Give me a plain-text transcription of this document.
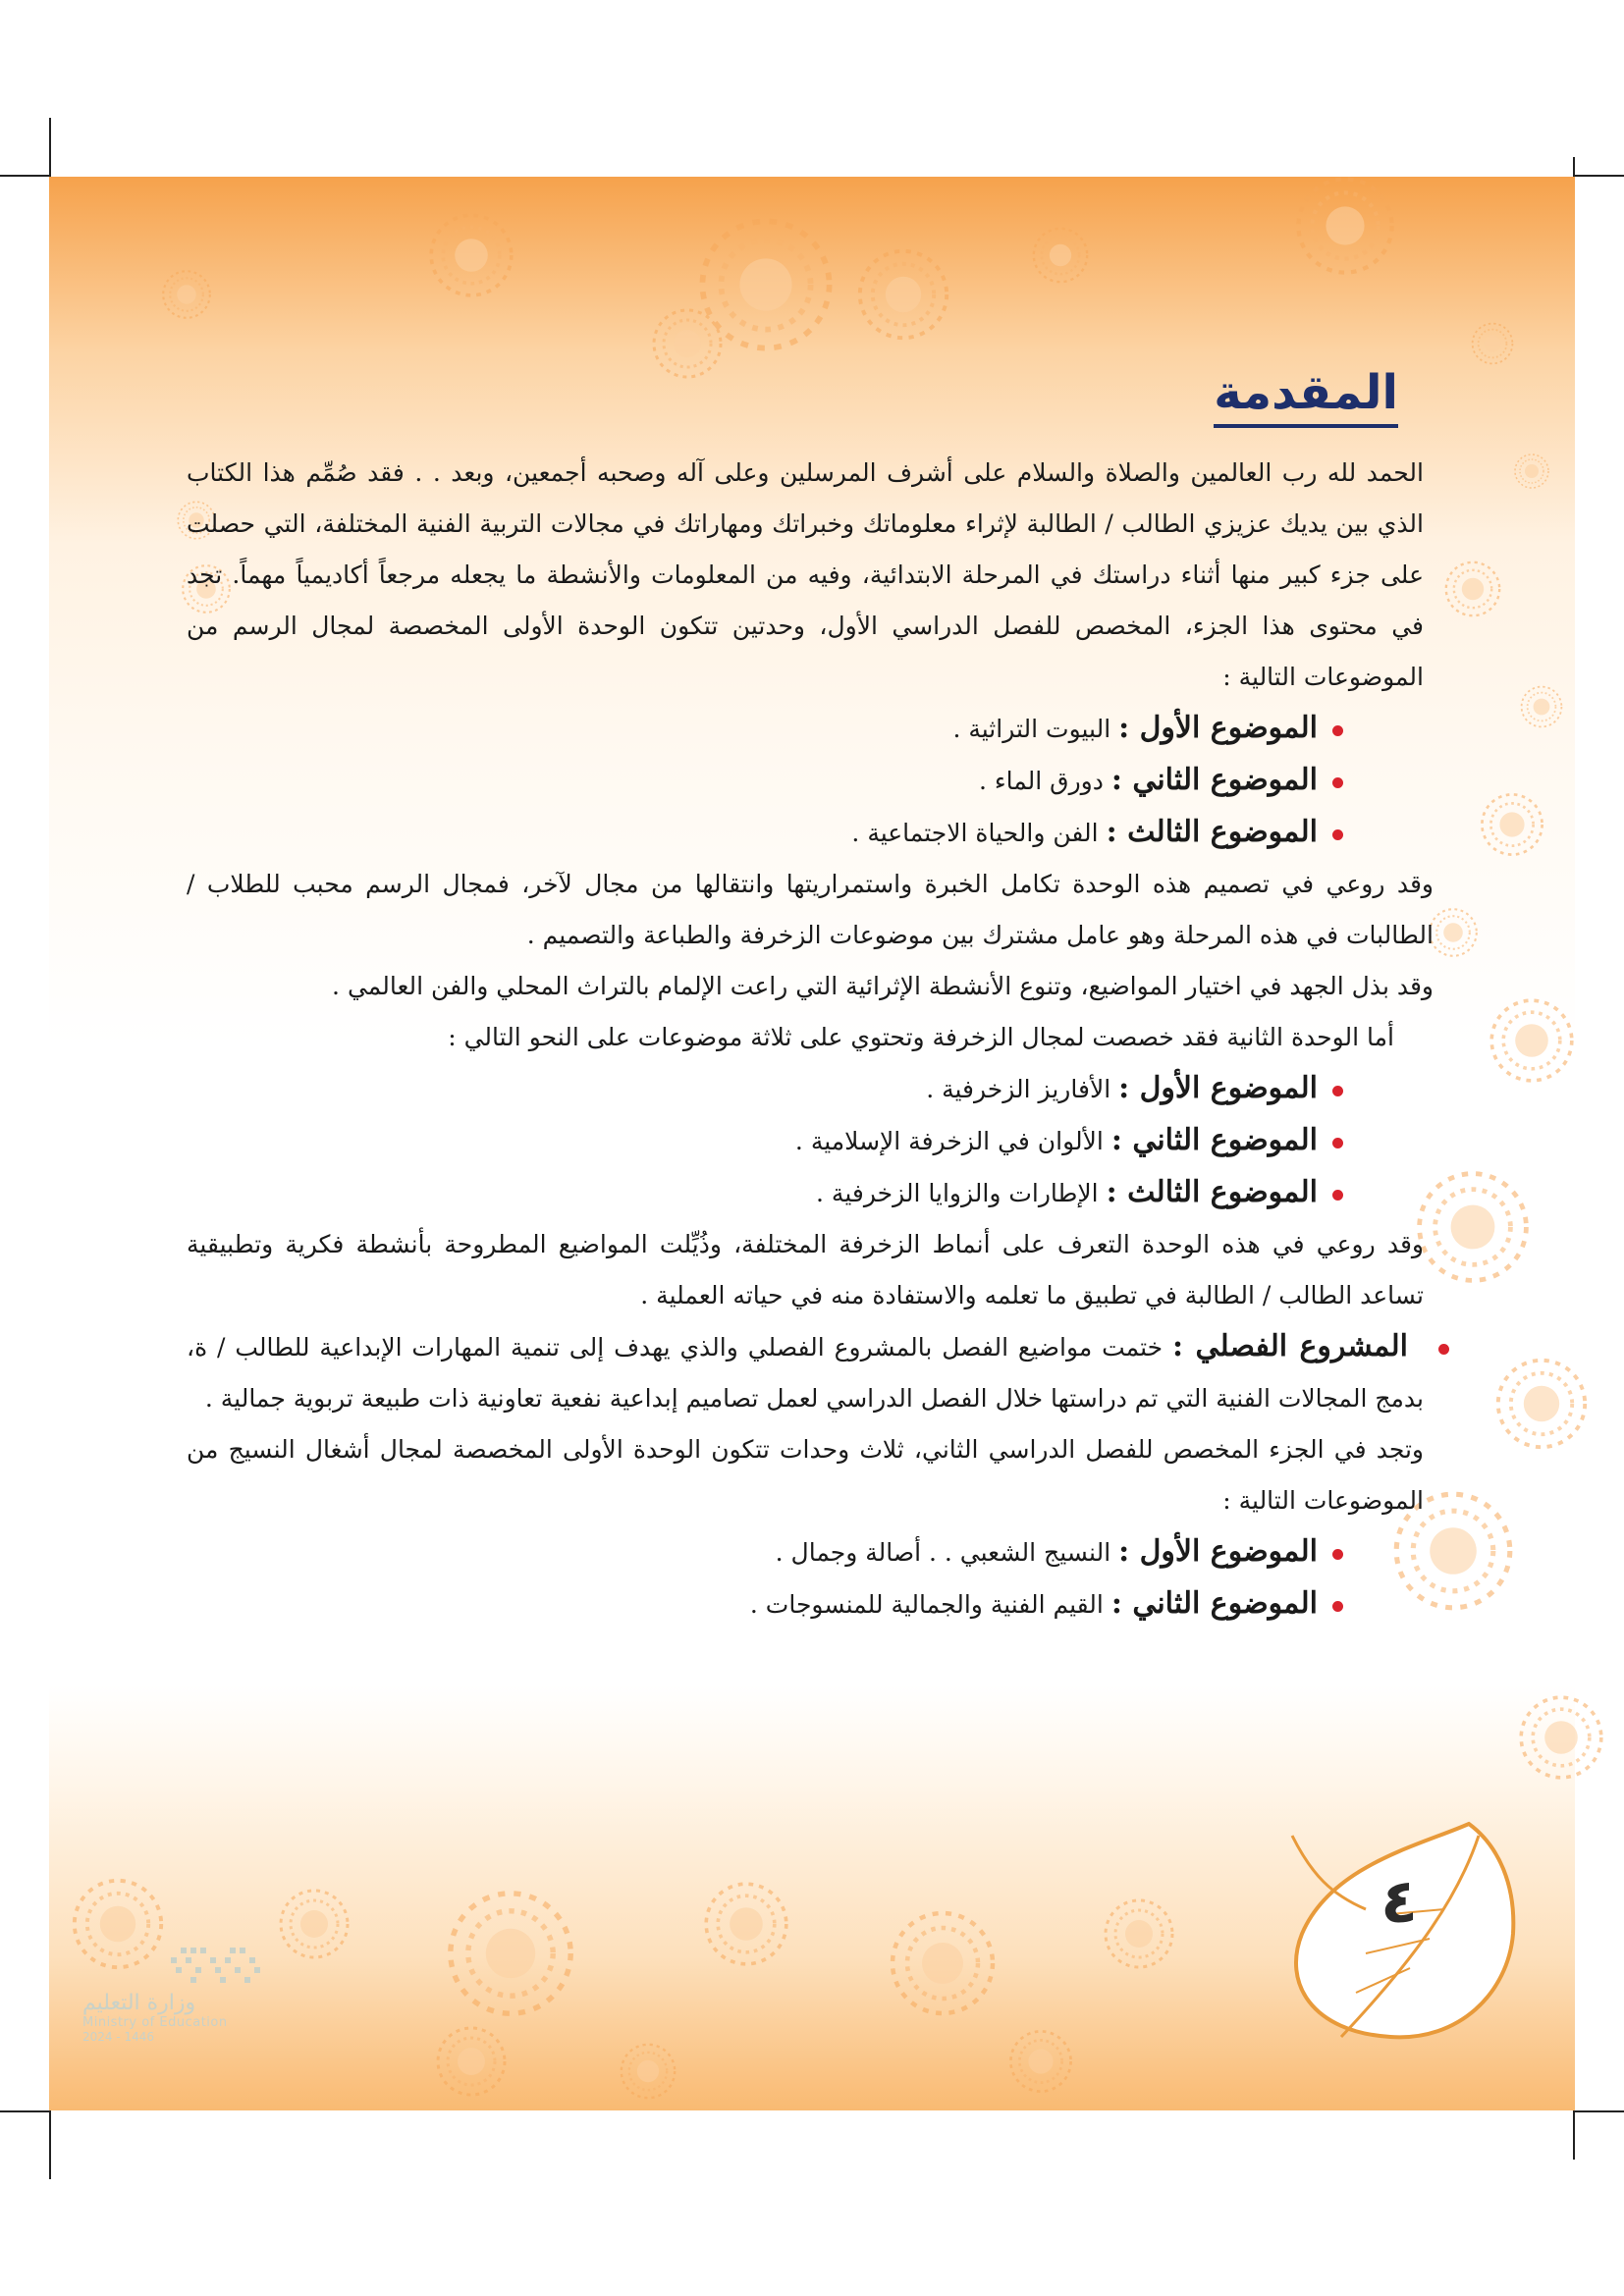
المقدمة

الحمد لله رب العالمين والصلاة والسلام على أشرف المرسلين وعلى آله وصحبه أجمعين، وبعد . . فقد صُمِّم هذا الكتاب الذي بين يديك عزيزي الطالب / الطالبة لإثراء معلوماتك وخبراتك ومهاراتك في مجالات التربية الفنية المختلفة، التي حصلت على جزء كبير منها أثناء دراستك في المرحلة الابتدائية، وفيه من المعلومات والأنشطة ما يجعله مرجعاً أكاديمياً مهماً. تجد في محتوى هذا الجزء، المخصص للفصل الدراسي الأول، وحدتين تتكون الوحدة الأولى المخصصة لمجال الرسم من الموضوعات التالية :

الموضوع الأول : البيوت التراثية .
الموضوع الثاني : دورق الماء .
الموضوع الثالث : الفن والحياة الاجتماعية .

وقد روعي في تصميم هذه الوحدة تكامل الخبرة واستمراريتها وانتقالها من مجال لآخر، فمجال الرسم محبب للطلاب / الطالبات في هذه المرحلة وهو عامل مشترك بين موضوعات الزخرفة والطباعة والتصميم .

وقد بذل الجهد في اختيار المواضيع، وتنوع الأنشطة الإثرائية التي راعت الإلمام بالتراث المحلي والفن العالمي .

أما الوحدة الثانية فقد خصصت لمجال الزخرفة وتحتوي على ثلاثة موضوعات على النحو التالي :

الموضوع الأول : الأفاريز الزخرفية .
الموضوع الثاني : الألوان في الزخرفة الإسلامية .
الموضوع الثالث : الإطارات والزوايا الزخرفية .

وقد روعي في هذه الوحدة التعرف على أنماط الزخرفة المختلفة، وذُيِّلت المواضيع المطروحة بأنشطة فكرية وتطبيقية تساعد الطالب / الطالبة في تطبيق ما تعلمه والاستفادة منه في حياته العملية .

المشروع الفصلي : ختمت مواضيع الفصل بالمشروع الفصلي والذي يهدف إلى تنمية المهارات الإبداعية للطالب / ة، بدمج المجالات الفنية التي تم دراستها خلال الفصل الدراسي لعمل تصاميم إبداعية نفعية تعاونية ذات طبيعة تربوية جمالية .

وتجد في الجزء المخصص للفصل الدراسي الثاني، ثلاث وحدات تتكون الوحدة الأولى المخصصة لمجال أشغال النسيج من الموضوعات التالية :

الموضوع الأول : النسيج الشعبي . . أصالة وجمال .
الموضوع الثاني : القيم الفنية والجمالية للمنسوجات .
٤
وزارة التعليم
Ministry of Education
2024 - 1446
